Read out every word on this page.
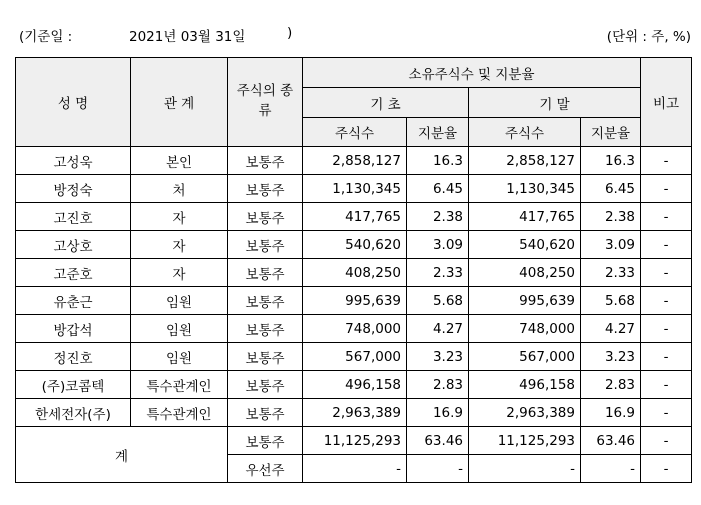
(기준일 :	2021년 03월 31일	)	(단위 : 주, %)
성 명	관 계	주식의 종류	소유주식수 및 지분율				비고
			기 초		기 말		
			주식수	지분율	주식수	지분율	
고성욱	본인	보통주	2,858,127	16.3	2,858,127	16.3	-
방정숙	처	보통주	1,130,345	6.45	1,130,345	6.45	-
고진호	자	보통주	417,765	2.38	417,765	2.38	-
고상호	자	보통주	540,620	3.09	540,620	3.09	-
고준호	자	보통주	408,250	2.33	408,250	2.33	-
유춘근	임원	보통주	995,639	5.68	995,639	5.68	-
방갑석	임원	보통주	748,000	4.27	748,000	4.27	-
정진호	임원	보통주	567,000	3.23	567,000	3.23	-
(주)코콤텍	특수관계인	보통주	496,158	2.83	496,158	2.83	-
한세전자(주)	특수관계인	보통주	2,963,389	16.9	2,963,389	16.9	-
계		보통주	11,125,293	63.46	11,125,293	63.46	-
		우선주	-	-	-	-	-
